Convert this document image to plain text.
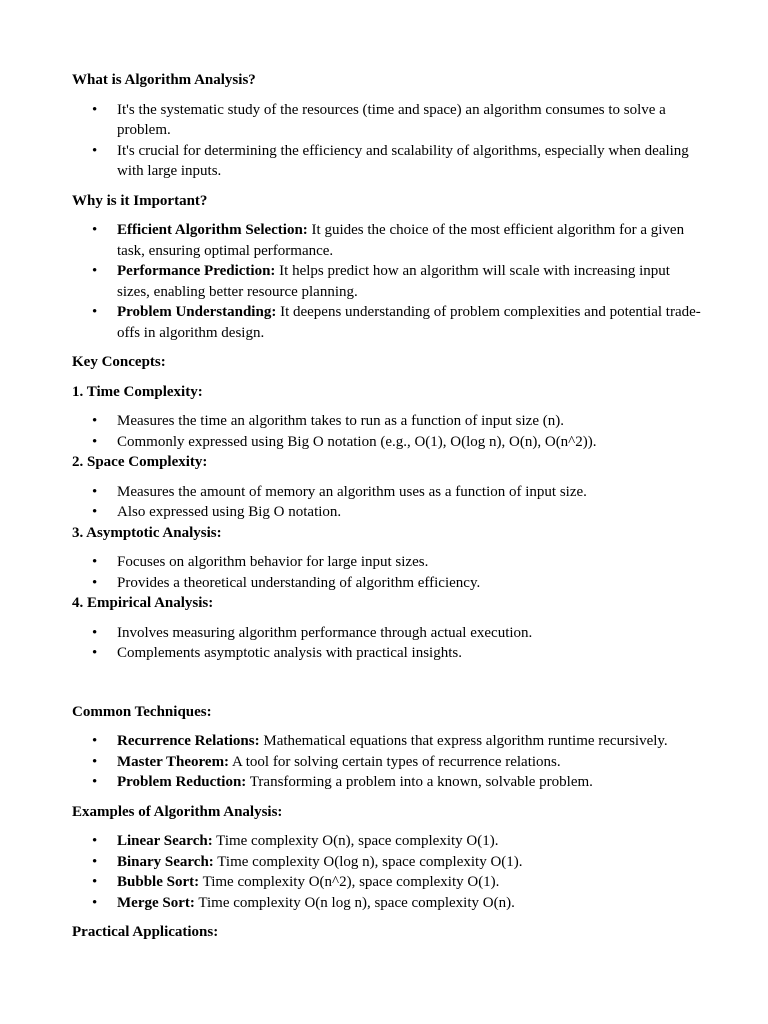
What is Algorithm Analysis?

• It's the systematic study of the resources (time and space) an algorithm consumes to solve a problem.
• It's crucial for determining the efficiency and scalability of algorithms, especially when dealing with large inputs.

Why is it Important?

• Efficient Algorithm Selection: It guides the choice of the most efficient algorithm for a given task, ensuring optimal performance.
• Performance Prediction: It helps predict how an algorithm will scale with increasing input sizes, enabling better resource planning.
• Problem Understanding: It deepens understanding of problem complexities and potential trade-offs in algorithm design.

Key Concepts:

1. Time Complexity:

• Measures the time an algorithm takes to run as a function of input size (n).
• Commonly expressed using Big O notation (e.g., O(1), O(log n), O(n), O(n^2)).

2. Space Complexity:

• Measures the amount of memory an algorithm uses as a function of input size.
• Also expressed using Big O notation.

3. Asymptotic Analysis:

• Focuses on algorithm behavior for large input sizes.
• Provides a theoretical understanding of algorithm efficiency.

4. Empirical Analysis:

• Involves measuring algorithm performance through actual execution.
• Complements asymptotic analysis with practical insights.

Common Techniques:

• Recurrence Relations: Mathematical equations that express algorithm runtime recursively.
• Master Theorem: A tool for solving certain types of recurrence relations.
• Problem Reduction: Transforming a problem into a known, solvable problem.

Examples of Algorithm Analysis:

• Linear Search: Time complexity O(n), space complexity O(1).
• Binary Search: Time complexity O(log n), space complexity O(1).
• Bubble Sort: Time complexity O(n^2), space complexity O(1).
• Merge Sort: Time complexity O(n log n), space complexity O(n).

Practical Applications:
